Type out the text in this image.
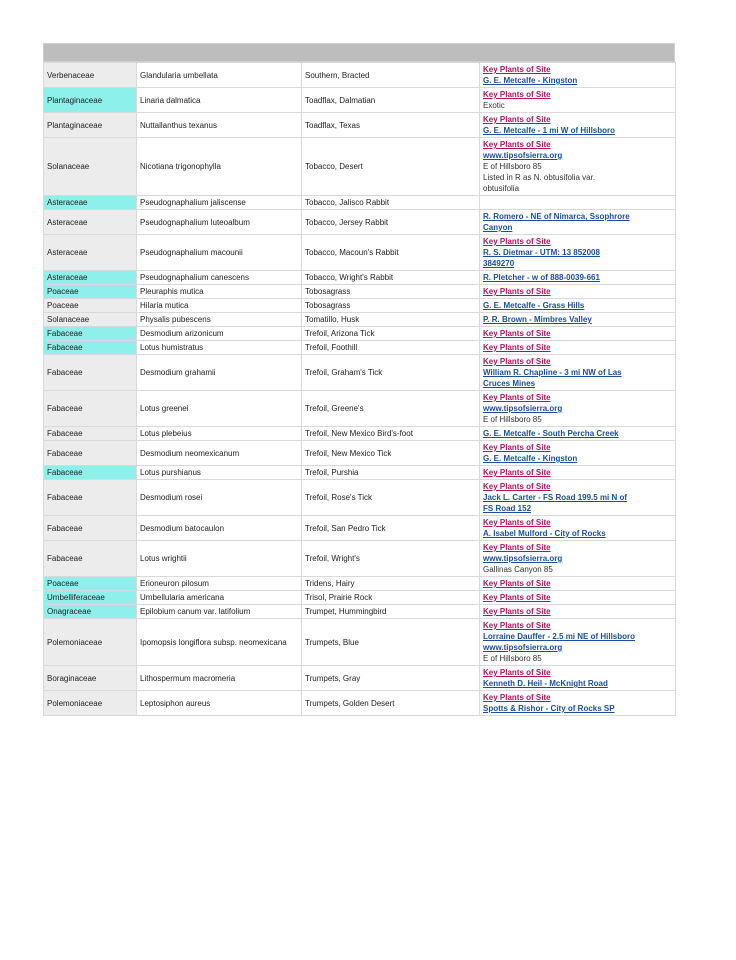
Verbenaceae	Glandularia umbellata	Southern, Bracted	Key Plants of Site
G. E. Metcalfe - Kingston

Plantaginaceae	Linaria dalmatica	Toadflax, Dalmatian	Key Plants of Site
Exotic

Plantaginaceae	Nuttallanthus texanus	Toadflax, Texas	Key Plants of Site
G. E. Metcalfe - 1 mi W of Hillsboro

Solanaceae	Nicotiana trigonophylla	Tobacco, Desert	Key Plants of Site
www.tipsofsierra.org
E of Hillsboro 85
Listed in R as N. obtusifolia var.
obtusifolia

Asteraceae	Pseudognaphalium jaliscense	Tobacco, Jalisco Rabbit	
Asteraceae	Pseudognaphalium luteoalbum	Tobacco, Jersey Rabbit	R. Romero - NE of Nimarca, Ssophrore
Canyon

Asteraceae	Pseudognaphalium macounii	Tobacco, Macoun's Rabbit	Key Plants of Site
R. S. Dietmar - UTM: 13 852008
3849270

Asteraceae	Pseudognaphalium canescens	Tobacco, Wright's Rabbit	R. Pletcher - w of 888-0039-661

Poaceae	Pleuraphis mutica	Tobosagrass	Key Plants of Site

Poaceae	Hilaria mutica	Tobosagrass	G. E. Metcalfe - Grass Hills

Solanaceae	Physalis pubescens	Tomatillo, Husk	P. R. Brown - Mimbres Valley

Fabaceae	Desmodium arizonicum	Trefoil, Arizona Tick	Key Plants of Site

Fabaceae	Lotus humistratus	Trefoil, Foothill	Key Plants of Site

Fabaceae	Desmodium grahamii	Trefoil, Graham's Tick	Key Plants of Site
William R. Chapline - 3 mi NW of Las
Cruces Mines

Fabaceae	Lotus greenei	Trefoil, Greene's	Key Plants of Site
www.tipsofsierra.org
E of Hillsboro 85

Fabaceae	Lotus plebeius	Trefoil, New Mexico Bird's-foot	G. E. Metcalfe - South Percha Creek

Fabaceae	Desmodium neomexicanum	Trefoil, New Mexico Tick	Key Plants of Site
G. E. Metcalfe - Kingston

Fabaceae	Lotus purshianus	Trefoil, Purshia	Key Plants of Site

Fabaceae	Desmodium rosei	Trefoil, Rose's Tick	Key Plants of Site
Jack L. Carter - FS Road 199.5 mi N of
FS Road 152

Fabaceae	Desmodium batocaulon	Trefoil, San Pedro Tick	Key Plants of Site
A. Isabel Mulford - City of Rocks

Fabaceae	Lotus wrightii	Trefoil, Wright's	Key Plants of Site
www.tipsofsierra.org
Gallinas Canyon 85

Poaceae	Erioneuron pilosum	Tridens, Hairy	Key Plants of Site

Umbelliferaceae	Umbellularia americana	Trisol, Prairie Rock	Key Plants of Site

Onagraceae	Epilobium canum var. latifolium	Trumpet, Hummingbird	Key Plants of Site

Polemoniaceae	Ipomopsis longiflora subsp. neomexicana	Trumpets, Blue	Key Plants of Site
Lorraine Dauffer - 2.5 mi NE of Hillsboro
www.tipsofsierra.org
E of Hillsboro 85

Boraginaceae	Lithospermum macromeria	Trumpets, Gray	Key Plants of Site
Kenneth D. Heil - McKnight Road

Polemoniaceae	Leptosiphon aureus	Trumpets, Golden Desert	Key Plants of Site
Spotts & Rishor - City of Rocks SP
